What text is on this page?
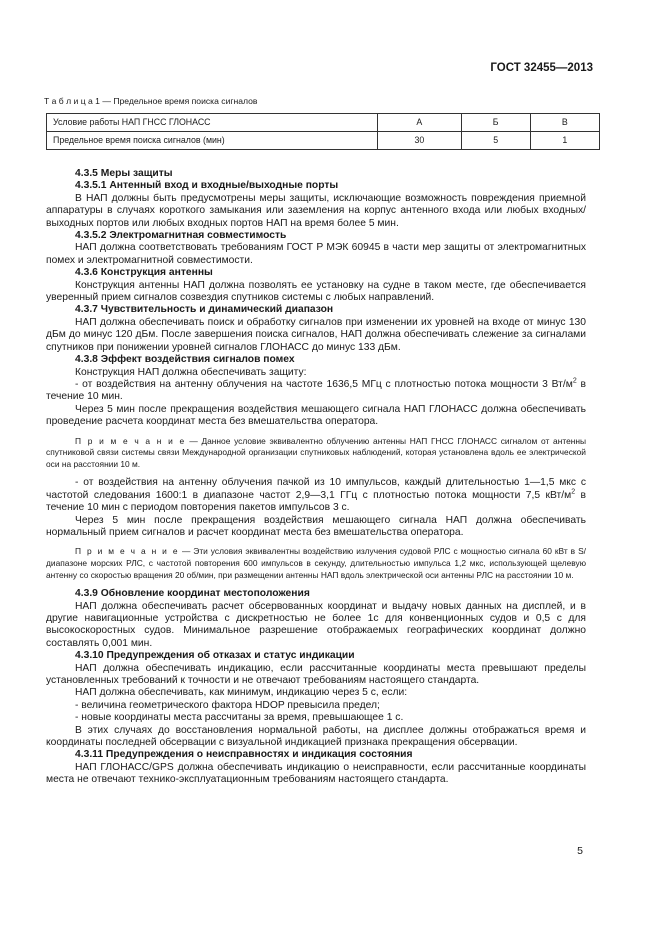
ГОСТ 32455—2013
Т а б л и ц а 1 — Предельное время поиска сигналов
Условие работы НАП ГНСС ГЛОНАСС	А	Б	В
Предельное время поиска сигналов (мин)	30	5	1

4.3.5 Меры защиты

4.3.5.1 Антенный вход и входные/выходные порты

В НАП должны быть предусмотрены меры защиты, исключающие возможность повреждения приемной аппаратуры в случаях короткого замыкания или заземления на корпус антенного входа или любых входных/выходных портов или любых входных портов НАП на время более 5 мин.

4.3.5.2 Электромагнитная совместимость

НАП должна соответствовать требованиям ГОСТ Р МЭК 60945 в части мер защиты от электромагнитных помех и электромагнитной совместимости.

4.3.6 Конструкция антенны

Конструкция антенны НАП должна позволять ее установку на судне в таком месте, где обеспечивается уверенный прием сигналов созвездия спутников системы с любых направлений.

4.3.7 Чувствительность и динамический диапазон

НАП должна обеспечивать поиск и обработку сигналов при изменении их уровней на входе от минус 130 дБм до минус 120 дБм. После завершения поиска сигналов, НАП должна обеспечивать слежение за сигналами спутников при понижении уровней сигналов ГЛОНАСС до минус 133 дБм.

4.3.8 Эффект воздействия сигналов помех

Конструкция НАП должна обеспечивать защиту:

- от воздействия на антенну облучения на частоте 1636,5 МГц с плотностью потока мощности 3 $Вт/м^2$ в течение 10 мин.

Через 5 мин после прекращения воздействия мешающего сигнала НАП ГЛОНАСС должна обеспечивать проведение расчета координат места без вмешательства оператора.

П р и м е ч а н и е — Данное условие эквивалентно облучению антенны НАП ГНСС ГЛОНАСС сигналом от антенны спутниковой связи системы связи Международной организации спутниковых наблюдений, которая установлена вдоль ее электрической оси на расстоянии 10 м.

- от воздействия на антенну облучения пачкой из 10 импульсов, каждый длительностью 1—1,5 мкс с частотой следования 1600:1 в диапазоне частот 2,9—3,1 ГГц с плотностью потока мощности 7,5 кВт/$м^2$ в течение 10 мин с периодом повторения пакетов импульсов 3 с.

Через 5 мин после прекращения воздействия мешающего сигнала НАП должна обеспечивать нормальный прием сигналов и расчет координат места без вмешательства оператора.

П р и м е ч а н и е — Эти условия эквивалентны воздействию излучения судовой РЛС с мощностью сигнала 60 кВт в S/диапазоне морских РЛС, с частотой повторения 600 импульсов в секунду, длительностью импульса 1,2 мкс, использующей щелевую антенну со скоростью вращения 20 об/мин, при размещении антенны НАП вдоль электрической оси антенны РЛС на расстоянии 10 м.

4.3.9 Обновление координат местоположения

НАП должна обеспечивать расчет обсервованных координат и выдачу новых данных на дисплей, и в другие навигационные устройства с дискретностью не более 1с для конвенционных судов и 0,5 с для высокоскоростных судов. Минимальное разрешение отображаемых географических координат должно составлять 0,001 мин.

4.3.10 Предупреждения об отказах и статус индикации

НАП должна обеспечивать индикацию, если рассчитанные координаты места превышают пределы установленных требований к точности и не отвечают требованиям настоящего стандарта.

НАП должна обеспечивать, как минимум, индикацию через 5 с, если:

- величина геометрического фактора HDOP превысила предел;

- новые координаты места рассчитаны за время, превышающее 1 с.

В этих случаях до восстановления нормальной работы, на дисплее должны отображаться время и координаты последней обсервации с визуальной индикацией признака прекращения обсервации.

4.3.11 Предупреждения о неисправностях и индикация состояния

НАП ГЛОНАСС/GPS должна обеспечивать индикацию о неисправности, если рассчитанные координаты места не отвечают технико-эксплуатационным требованиям настоящего стандарта.

5
